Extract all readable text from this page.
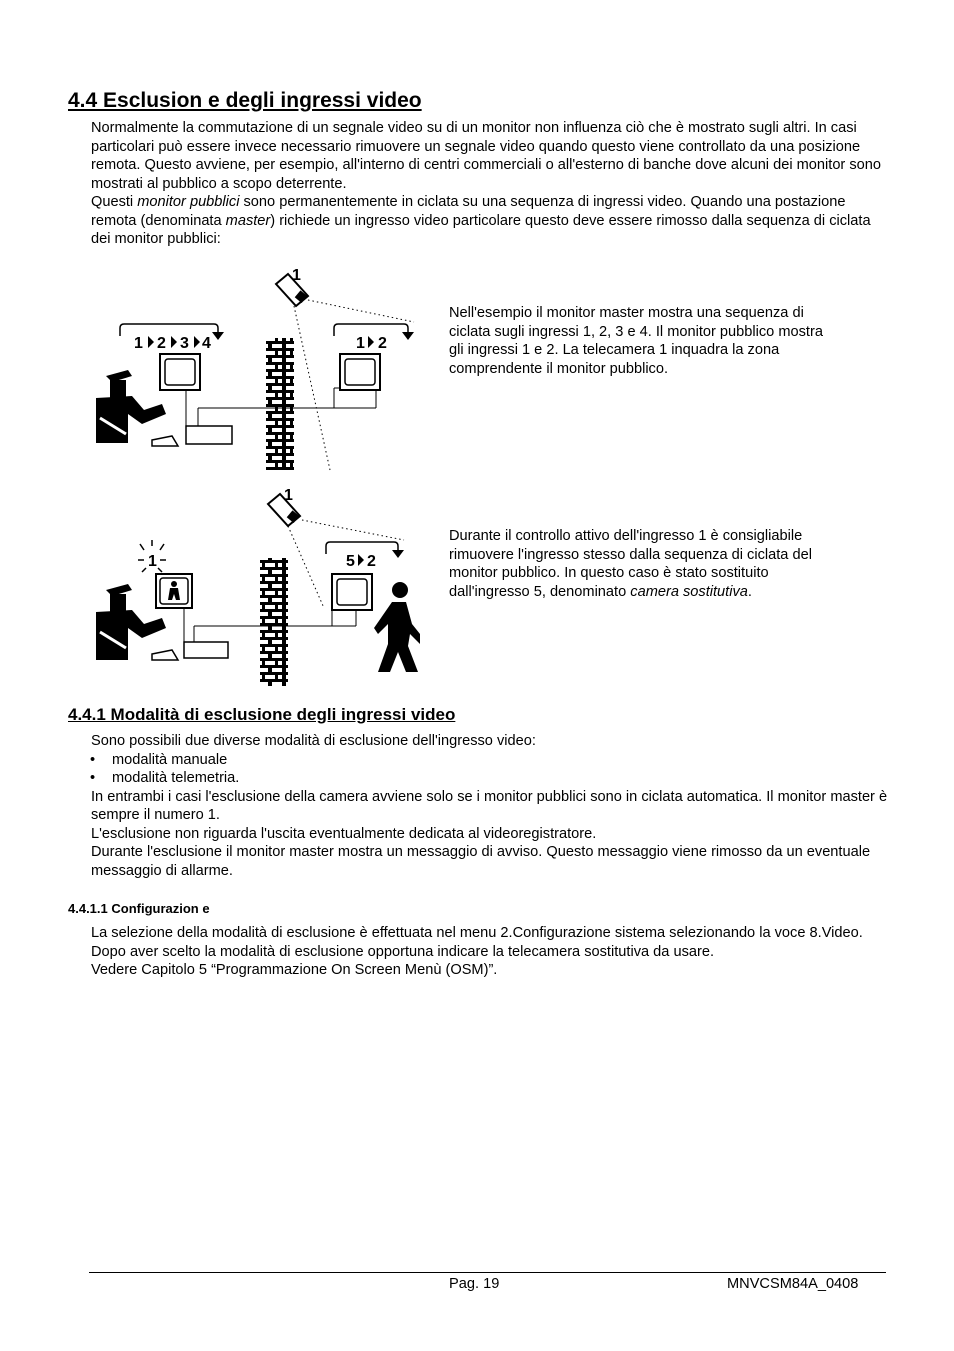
4.4 Esclusion e degli ingressi video

Normalmente la commutazione di un segnale video su di un monitor non influenza ciò che è mostrato sugli altri. In casi particolari può essere invece necessario rimuovere un segnale video quando questo viene controllato da una posizione remota. Questo avviene, per esempio, all'interno di centri commerciali o all'esterno di banche dove alcuni dei monitor sono mostrati al pubblico a scopo deterrente.

Questi monitor pubblici sono permanentemente in ciclata su una sequenza di ingressi video. Quando una postazione remota (denominata master) richiede un ingresso video particolare questo deve essere rimosso dalla sequenza di ciclata dei monitor pubblici:

1
1 2 3 4	1 2
Nell'esempio il monitor master mostra una sequenza di ciclata sugli ingressi 1, 2, 3 e 4. Il monitor pubblico mostra gli ingressi 1 e 2. La telecamera 1 inquadra la zona comprendente il monitor pubblico.
1
1	5 2
Durante il controllo attivo dell'ingresso 1 è consigliabile rimuovere l'ingresso stesso dalla sequenza di ciclata del monitor pubblico. In questo caso è stato sostituito dall'ingresso 5, denominato camera sostitutiva.
4.4.1 Modalità di esclusione degli ingressi video

Sono possibili due diverse modalità di esclusione dell'ingresso video:

• modalità manuale
• modalità telemetria.

In entrambi i casi l'esclusione della camera avviene solo se i monitor pubblici sono in ciclata automatica. Il monitor master è sempre il numero 1.

L'esclusione non riguarda l'uscita eventualmente dedicata al videoregistratore.

Durante l'esclusione il monitor master mostra un messaggio di avviso. Questo messaggio viene rimosso da un eventuale messaggio di allarme.

4.4.1.1 Configurazion e

La selezione della modalità di esclusione è effettuata nel menu 2.Configurazione sistema selezionando la voce 8.Video.

Dopo aver scelto la modalità di esclusione opportuna indicare la telecamera sostitutiva da usare.

Vedere Capitolo 5 “Programmazione On Screen Menù (OSM)”.

Pag. 19	MNVCSM84A_0408
